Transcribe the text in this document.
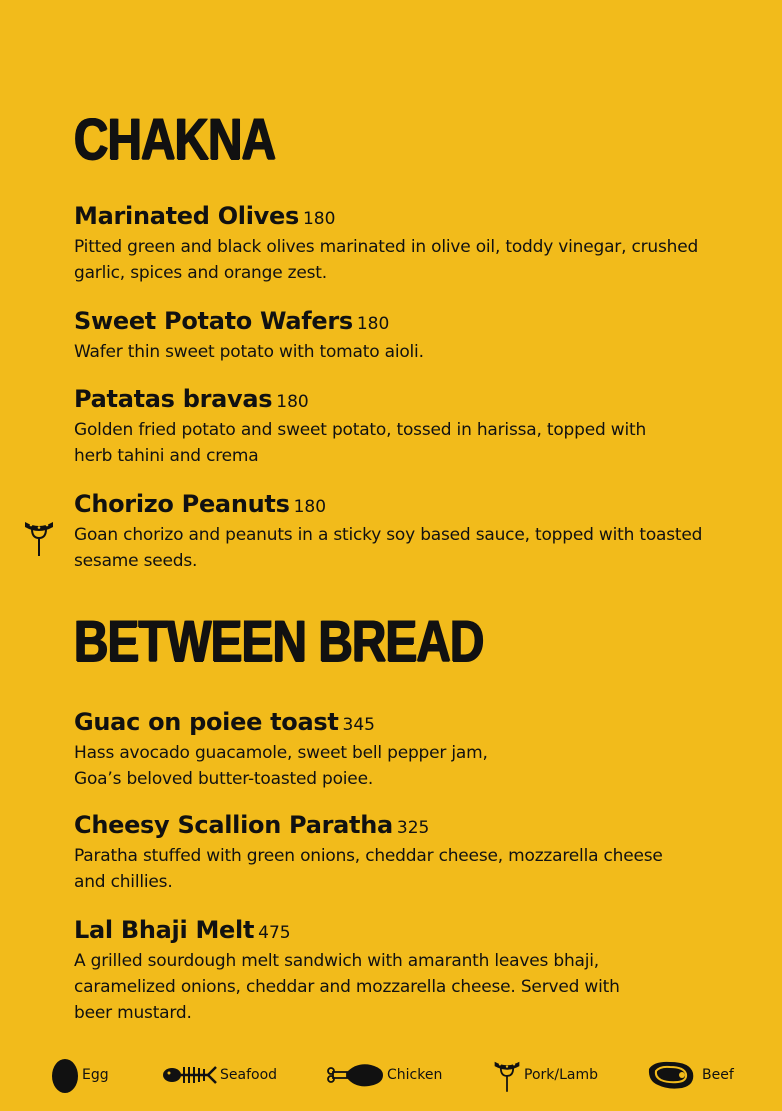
CHAKNA
Marinated Olives 180
Pitted green and black olives marinated in olive oil, toddy vinegar, crushed
garlic, spices and orange zest.
Sweet Potato Wafers 180
Wafer thin sweet potato with tomato aioli.
Patatas bravas 180
Golden fried potato and sweet potato, tossed in harissa, topped with
herb tahini and crema
Chorizo Peanuts 180
Goan chorizo and peanuts in a sticky soy based sauce, topped with toasted
sesame seeds.
BETWEEN BREAD
Guac on poiee toast 345
Hass avocado guacamole, sweet bell pepper jam,
Goa’s beloved butter-toasted poiee.
Cheesy Scallion Paratha 325
Paratha stuffed with green onions, cheddar cheese, mozzarella cheese
and chillies.
Lal Bhaji Melt 475
A grilled sourdough melt sandwich with amaranth leaves bhaji,
caramelized onions, cheddar and mozzarella cheese. Served with
beer mustard.
Egg	Seafood	Chicken	Pork/Lamb	Beef
